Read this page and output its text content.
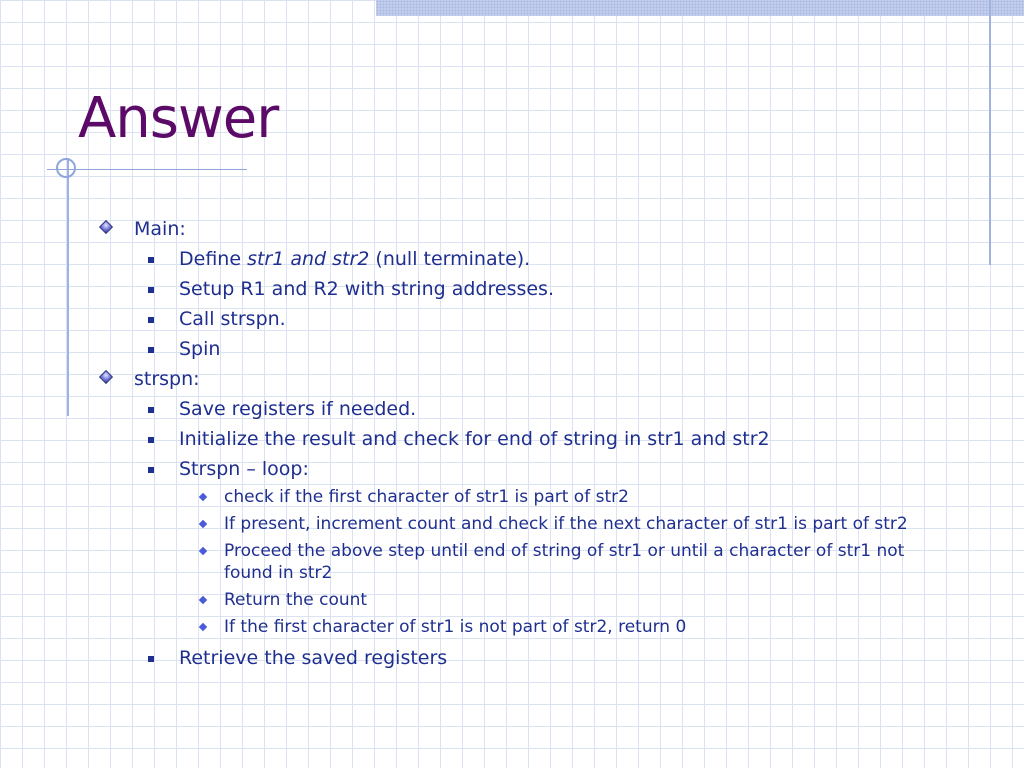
Answer
Main:
Define str1 and str2 (null terminate).
Setup R1 and R2 with string addresses.
Call strspn.
Spin
strspn:
Save registers if needed.
Initialize the result and check for end of string in str1 and str2
Strspn – loop:
check if the first character of str1 is part of str2
If present, increment count and check if the next character of str1 is part of str2
Proceed the above step until end of string of str1 or until a character of str1 not found in str2
Return the count
If the first character of str1 is not part of str2, return 0
Retrieve the saved registers
